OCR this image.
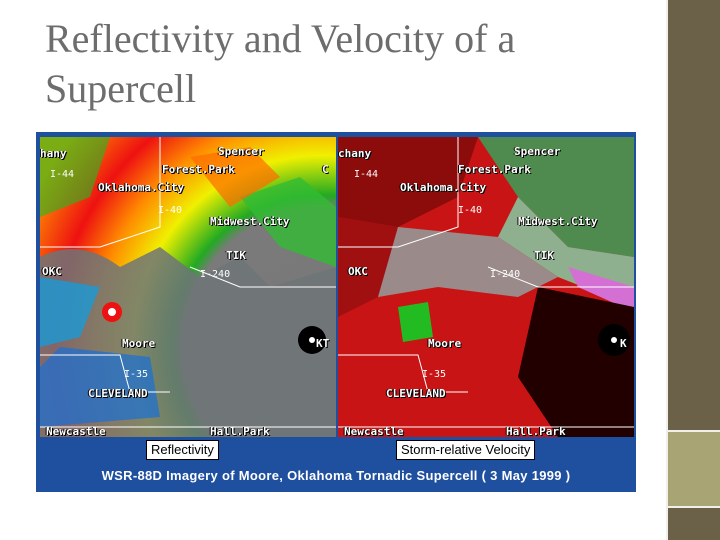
Reflectivity and Velocity of a
Supercell
hany	Spencer
Forest.Park	C
Oklahoma.City
Midwest.City
TIK
OKC
Moore	KT
CLEVELAND
Newcastle	Hall.Park
I-44
I-40
I-240
I-35
chany	Spencer
Forest.Park
Oklahoma.City
Midwest.City
TIK
OKC
Moore	K
CLEVELAND
Newcastle	Hall.Park
I-44
I-40
I-240
I-35
Reflectivity	Storm-relative Velocity
WSR-88D Imagery of Moore, Oklahoma Tornadic Supercell ( 3 May 1999 )
